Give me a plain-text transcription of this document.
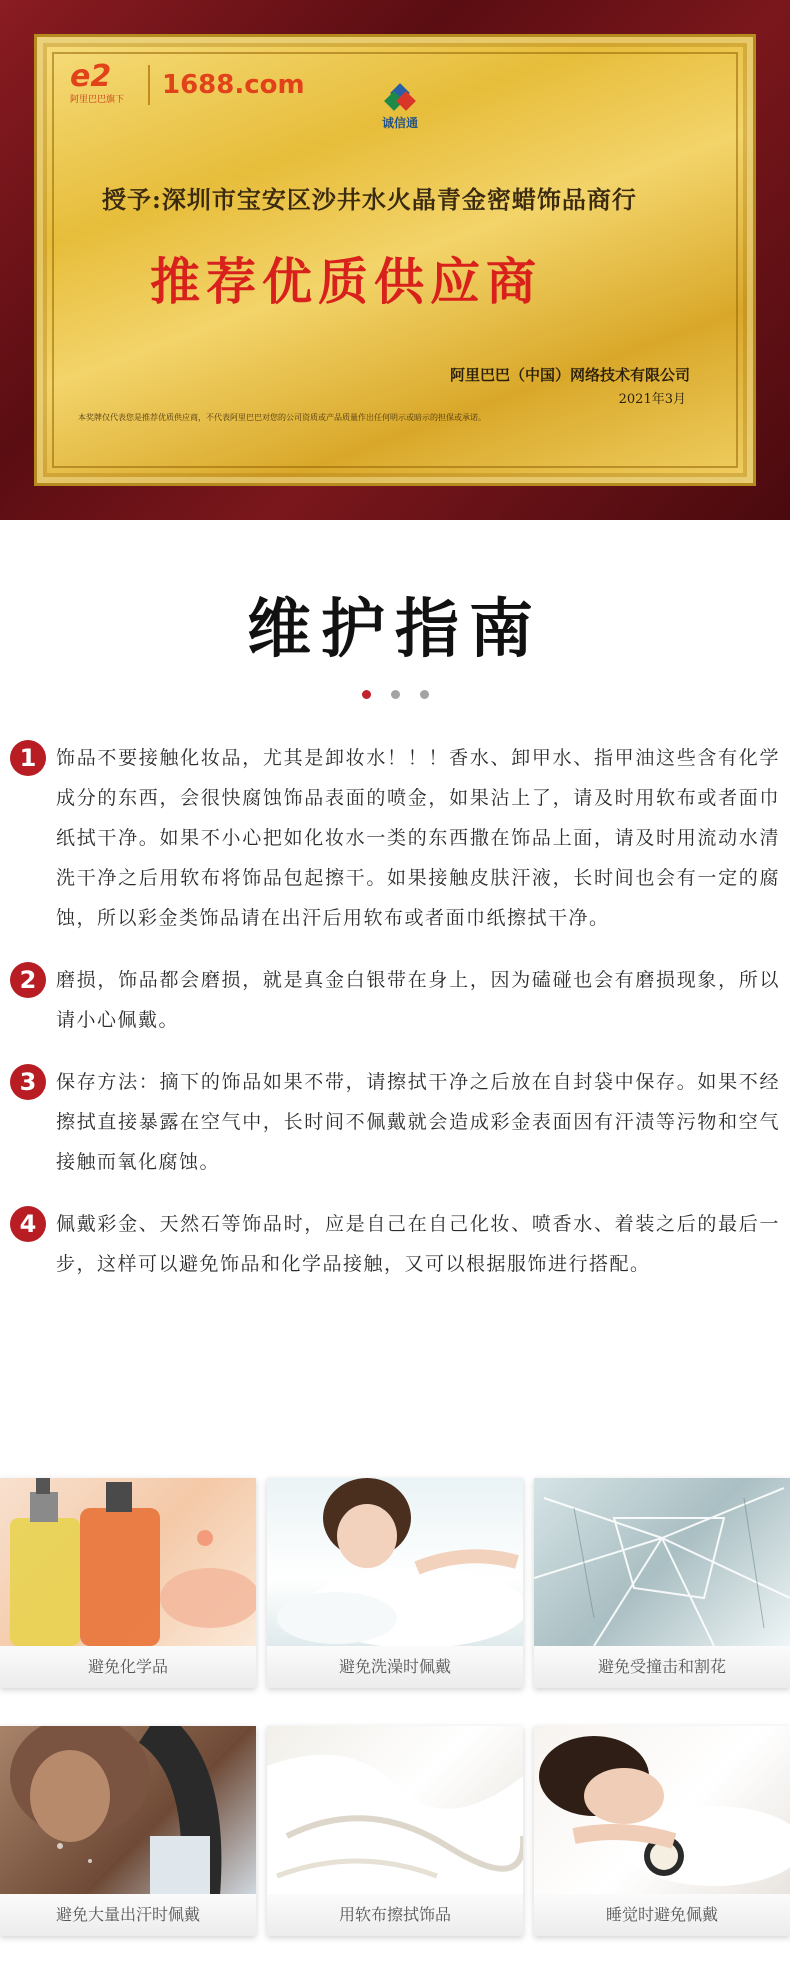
e2
阿里巴巴旗下	1688.com
诚信通
授予:深圳市宝安区沙井水火晶青金密蜡饰品商行
推荐优质供应商
阿里巴巴（中国）网络技术有限公司
2021年3月
本奖牌仅代表您是推荐优质供应商，不代表阿里巴巴对您的公司资质或产品质量作出任何明示或暗示的担保或承诺。
维护指南
1	饰品不要接触化妆品，尤其是卸妆水！！！香水、卸甲水、指甲油这些含有化学成分的东西，会很快腐蚀饰品表面的喷金，如果沾上了，请及时用软布或者面巾纸拭干净。如果不小心把如化妆水一类的东西撒在饰品上面，请及时用流动水清洗干净之后用软布将饰品包起擦干。如果接触皮肤汗液，长时间也会有一定的腐蚀，所以彩金类饰品请在出汗后用软布或者面巾纸擦拭干净。
2	磨损，饰品都会磨损，就是真金白银带在身上，因为磕碰也会有磨损现象，所以请小心佩戴。
3	保存方法：摘下的饰品如果不带，请擦拭干净之后放在自封袋中保存。如果不经擦拭直接暴露在空气中，长时间不佩戴就会造成彩金表面因有汗渍等污物和空气接触而氧化腐蚀。
4	佩戴彩金、天然石等饰品时，应是自己在自己化妆、喷香水、着装之后的最后一步，这样可以避免饰品和化学品接触，又可以根据服饰进行搭配。
避免化学品	避免洗澡时佩戴	避免受撞击和割花
避免大量出汗时佩戴	用软布擦拭饰品	睡觉时避免佩戴
